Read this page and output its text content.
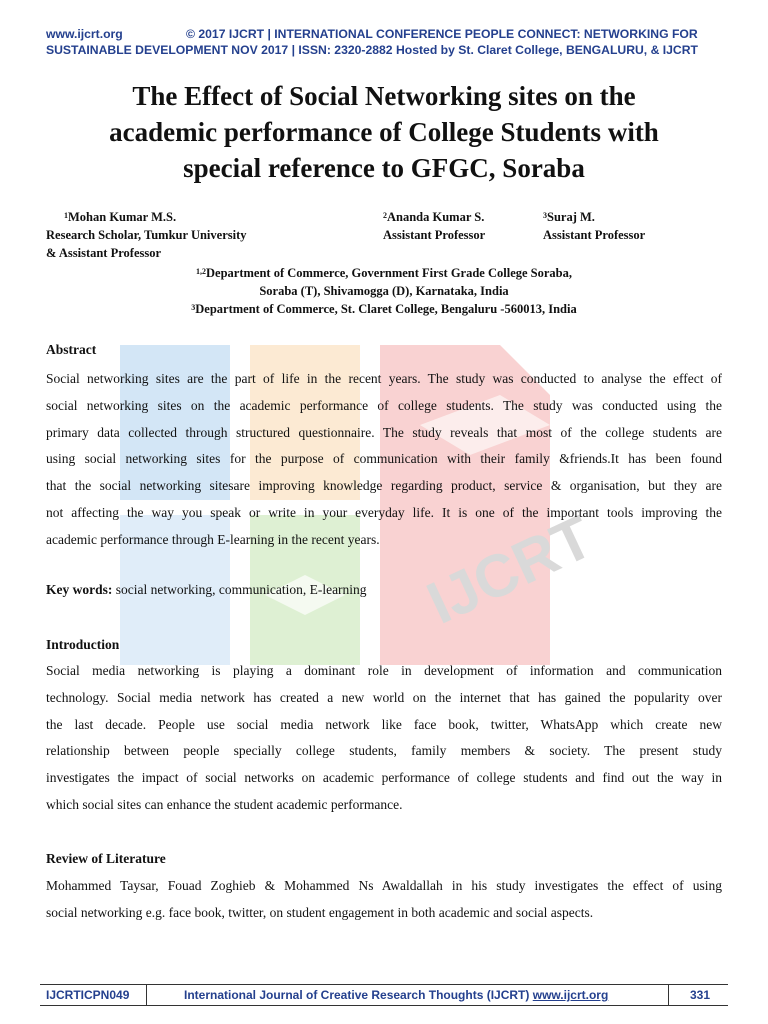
www.ijcrt.org	© 2017 IJCRT | INTERNATIONAL CONFERENCE PEOPLE CONNECT: NETWORKING FOR
SUSTAINABLE DEVELOPMENT NOV 2017 | ISSN: 2320-2882 Hosted by St. Claret College, BENGALURU, & IJCRT
IJCRT
The Effect of Social Networking sites on the
academic performance of College Students with
special reference to GFGC, Soraba
$^1$Mohan Kumar M.S.
Research Scholar, Tumkur University
& Assistant Professor
$^2$Ananda Kumar S.
Assistant Professor
$^3$Suraj M.
Assistant Professor
$^{1,2}$Department of Commerce, Government First Grade College Soraba,
Soraba (T), Shivamogga (D), Karnataka, India
$^3$Department of Commerce, St. Claret College, Bengaluru -560013, India
Abstract
Social networking sites are the part of life in the recent years. The study was conducted to analyse the effect of
social networking sites on the academic performance of college students. The study was conducted using the
primary data collected through structured questionnaire. The study reveals that most of the college students are
using social networking sites for the purpose of communication with their family &friends.It has been found
that the social networking sitesare improving knowledge regarding product, service & organisation, but they are
not affecting the way you speak or write in your everyday life. It is one of the important tools improving the
academic performance through E-learning in the recent years.
Key words: social networking, communication, E-learning
Introduction
Social media networking is playing a dominant role in development of information and communication
technology. Social media network has created a new world on the internet that has gained the popularity over
the last decade. People use social media network like face book, twitter, WhatsApp which create new
relationship between people specially college students, family members & society. The present study
investigates the impact of social networks on academic performance of college students and find out the way in
which social sites can enhance the student academic performance.
Review of Literature
Mohammed Taysar, Fouad Zoghieb & Mohammed Ns Awaldallah in his study investigates the effect of using
social networking e.g. face book, twitter, on student engagement in both academic and social aspects.
IJCRTICPN049	International Journal of Creative Research Thoughts (IJCRT) www.ijcrt.org	331
